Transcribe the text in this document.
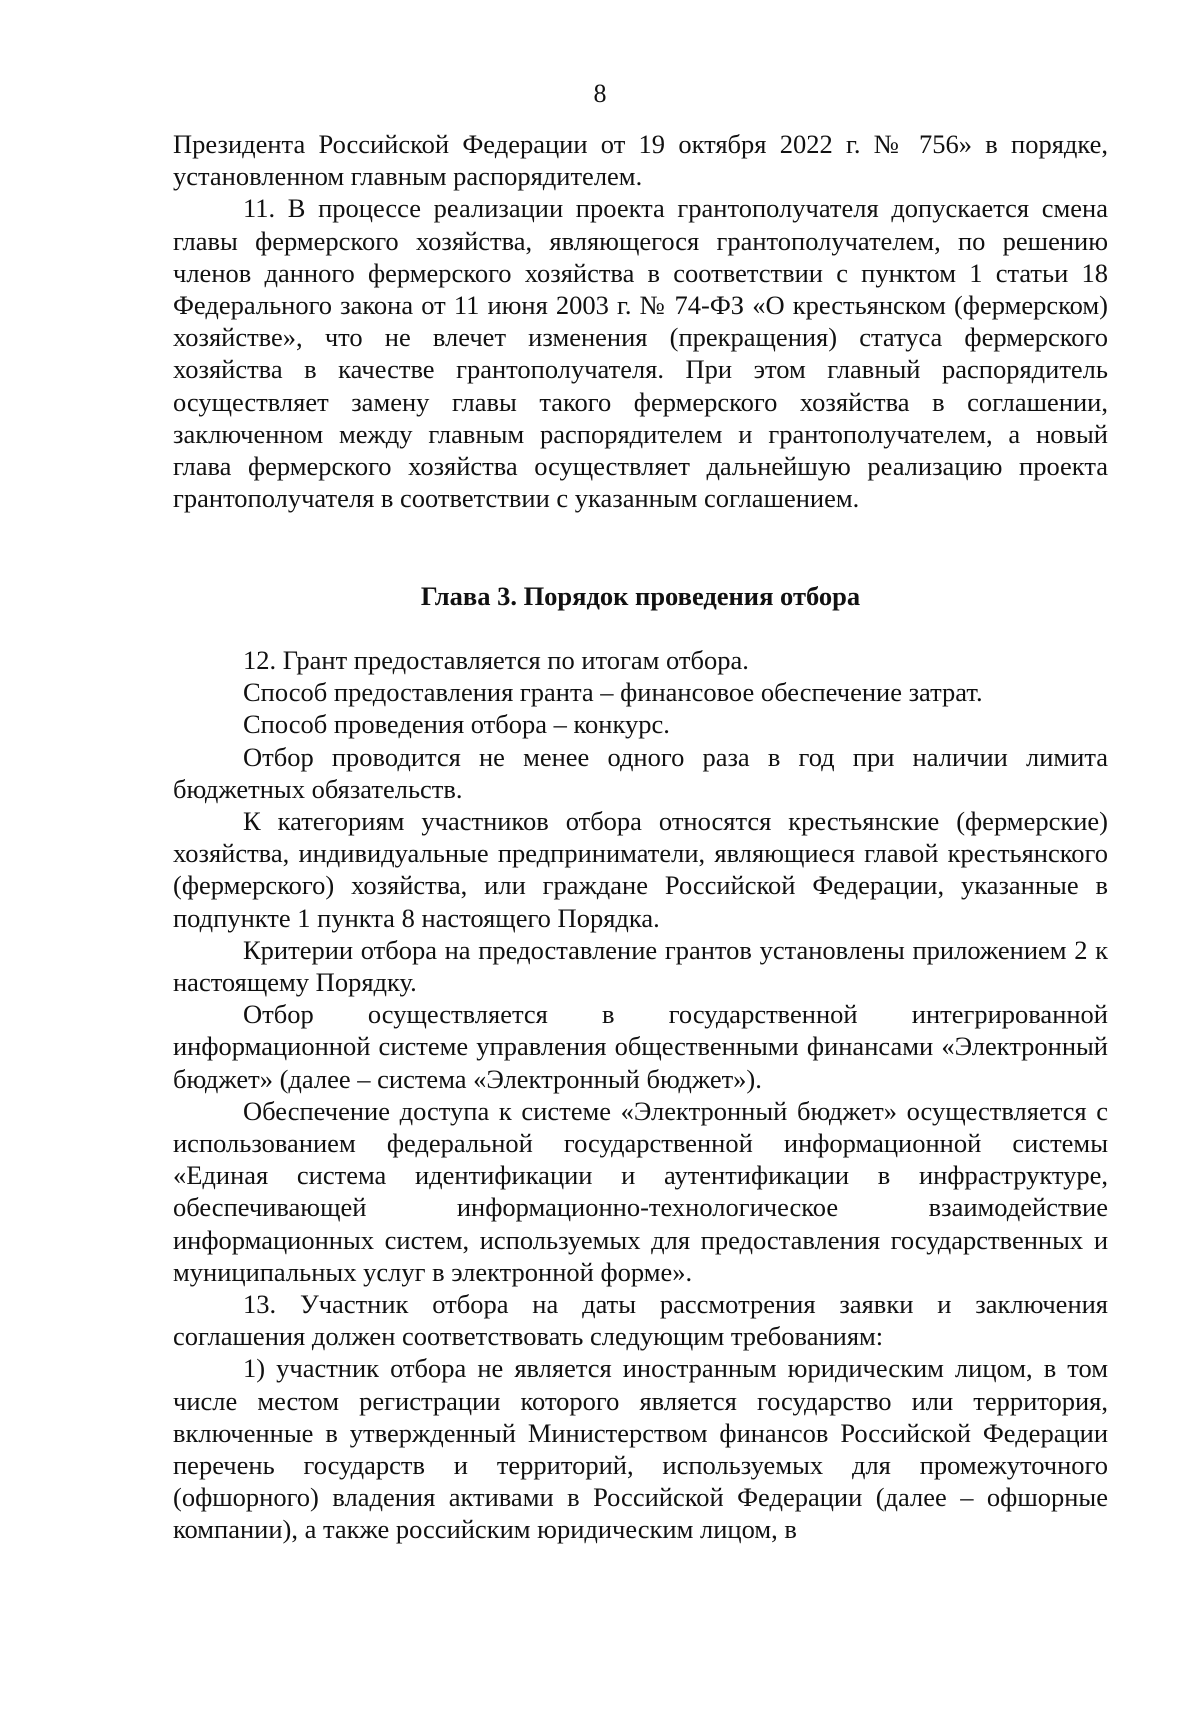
8

Президента Российской Федерации от 19 октября 2022 г. № 756» в порядке, установленном главным распорядителем.

11. В процессе реализации проекта грантополучателя допускается смена главы фермерского хозяйства, являющегося грантополучателем, по решению членов данного фермерского хозяйства в соответствии с пунктом 1 статьи 18 Федерального закона от 11 июня 2003 г. № 74-ФЗ «О крестьянском (фермерском) хозяйстве», что не влечет изменения (прекращения) статуса фермерского хозяйства в качестве грантополучателя. При этом главный распорядитель осуществляет замену главы такого фермерского хозяйства в соглашении, заключенном между главным распорядителем и грантополучателем, а новый глава фермерского хозяйства осуществляет дальнейшую реализацию проекта грантополучателя в соответствии с указанным соглашением.

Глава 3. Порядок проведения отбора

12. Грант предоставляется по итогам отбора.

Способ предоставления гранта – финансовое обеспечение затрат.

Способ проведения отбора – конкурс.

Отбор проводится не менее одного раза в год при наличии лимита бюджетных обязательств.

К категориям участников отбора относятся крестьянские (фермерские) хозяйства, индивидуальные предприниматели, являющиеся главой крестьянского (фермерского) хозяйства, или граждане Российской Федерации, указанные в подпункте 1 пункта 8 настоящего Порядка.

Критерии отбора на предоставление грантов установлены приложением 2 к настоящему Порядку.

Отбор осуществляется в государственной интегрированной информационной системе управления общественными финансами «Электронный бюджет» (далее – система «Электронный бюджет»).

Обеспечение доступа к системе «Электронный бюджет» осуществляется с использованием федеральной государственной информационной системы «Единая система идентификации и аутентификации в инфраструктуре, обеспечивающей информационно-технологическое взаимодействие информационных систем, используемых для предоставления государственных и муниципальных услуг в электронной форме».

13. Участник отбора на даты рассмотрения заявки и заключения соглашения должен соответствовать следующим требованиям:

1) участник отбора не является иностранным юридическим лицом, в том числе местом регистрации которого является государство или территория, включенные в утвержденный Министерством финансов Российской Федерации перечень государств и территорий, используемых для промежуточного (офшорного) владения активами в Российской Федерации (далее – офшорные компании), а также российским юридическим лицом, в
